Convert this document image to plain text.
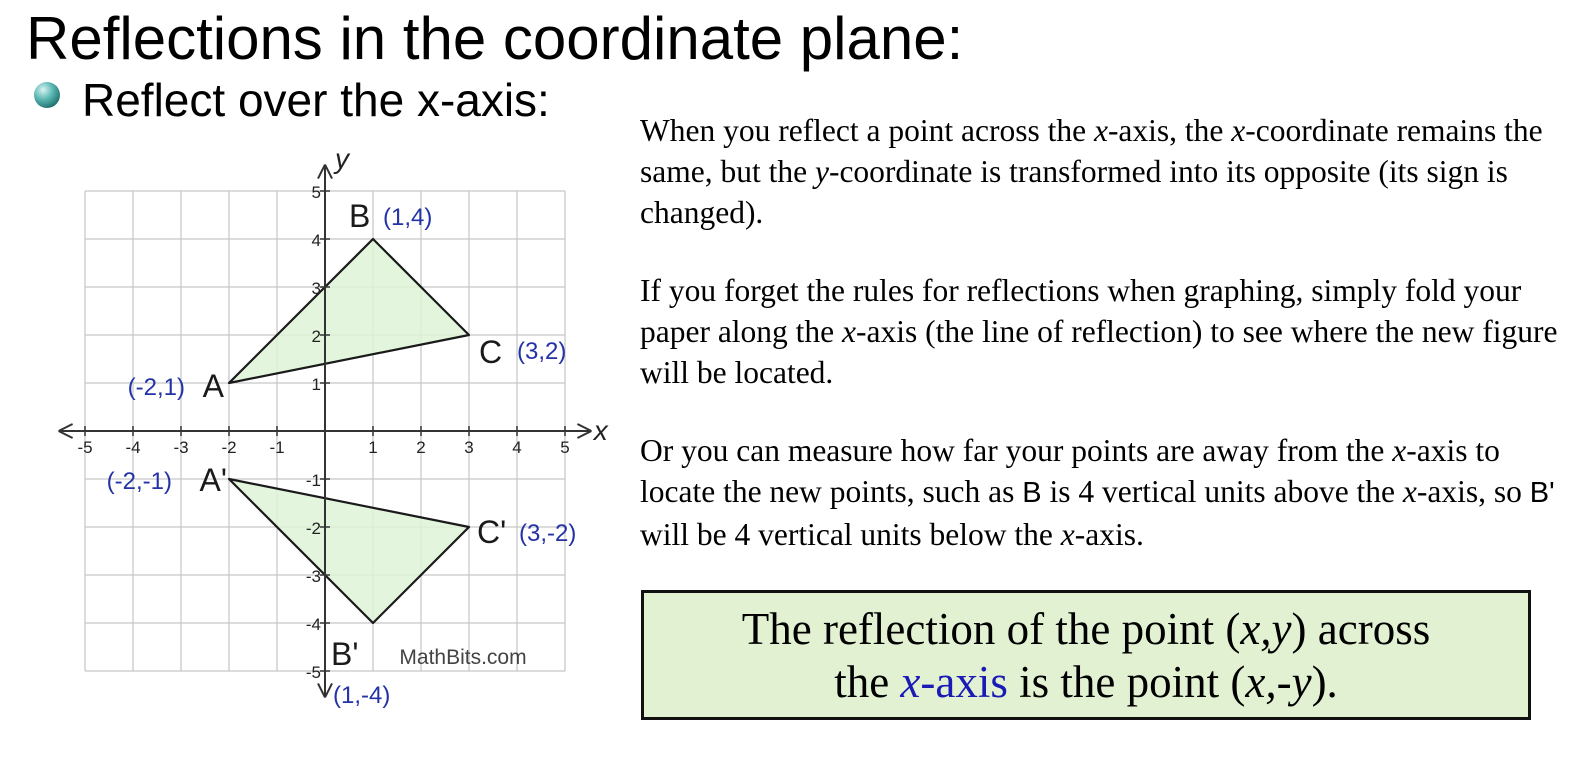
Reflections in the coordinate plane:
Reflect over the x-axis:
x
y
-5 -4 -3 -2 -1	1 2 3 4 5
5
4
3
2
1
-1
-2
-3
-4
-5
A
(-2,1)
B (1,4)
C (3,2)
A'
(-2,-1)
B'
(1,-4)
C' (3,-2)
MathBits.com

When you reflect a point across the x-axis, the x-coordinate remains the same, but the y-coordinate is transformed into its opposite (its sign is changed).

If you forget the rules for reflections when graphing, simply fold your paper along the x-axis (the line of reflection) to see where the new figure will be located.

Or you can measure how far your points are away from the x-axis to locate the new points, such as B is 4 vertical units above the x-axis, so B' will be 4 vertical units below the x-axis.

The reflection of the point (x,y) across
the x-axis is the point (x,-y).
